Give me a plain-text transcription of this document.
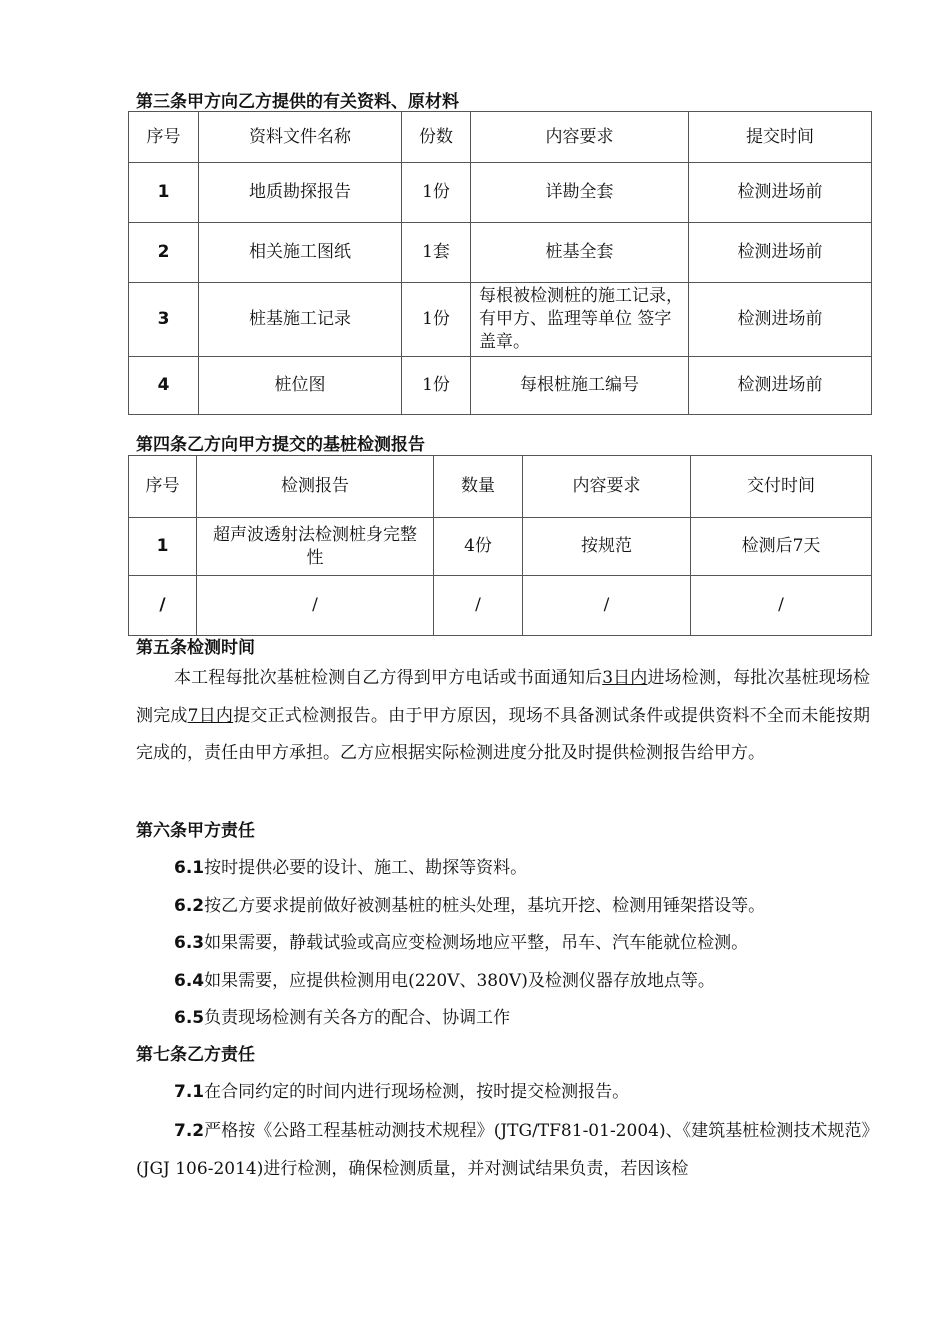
第三条甲方向乙方提供的有关资料、原材料
序号	资料文件名称	份数	内容要求	提交时间
1	地质勘探报告	1份	详勘全套	检测进场前
2	相关施工图纸	1套	桩基全套	检测进场前
3	桩基施工记录	1份	每根被检测桩的施工记录，有甲方、监理等单位 签字盖章。	检测进场前
4	桩位图	1份	每根桩施工编号	检测进场前
第四条乙方向甲方提交的基桩检测报告
序号	检测报告	数量	内容要求	交付时间
1	超声波透射法检测桩身完整性	4份	按规范	检测后7天
/	/	/	/	/
第五条检测时间
本工程每批次基桩检测自乙方得到甲方电话或书面通知后3日内进场检测，每批次基桩现场检测完成7日内提交正式检测报告。由于甲方原因，现场不具备测试条件或提供资料不全而未能按期完成的，责任由甲方承担。乙方应根据实际检测进度分批及时提供检测报告给甲方。
第六条甲方责任
6.1按时提供必要的设计、施工、勘探等资料。
6.2按乙方要求提前做好被测基桩的桩头处理，基坑开挖、检测用锤架搭设等。
6.3如果需要，静载试验或高应变检测场地应平整，吊车、汽车能就位检测。
6.4如果需要，应提供检测用电(220V、380V)及检测仪器存放地点等。
6.5负责现场检测有关各方的配合、协调工作
第七条乙方责任
7.1在合同约定的时间内进行现场检测，按时提交检测报告。
7.2严格按《公路工程基桩动测技术规程》(JTG/TF81-01-2004)、《建筑基桩检测技术规范》(JGJ 106-2014)进行检测，确保检测质量，并对测试结果负责，若因该检
